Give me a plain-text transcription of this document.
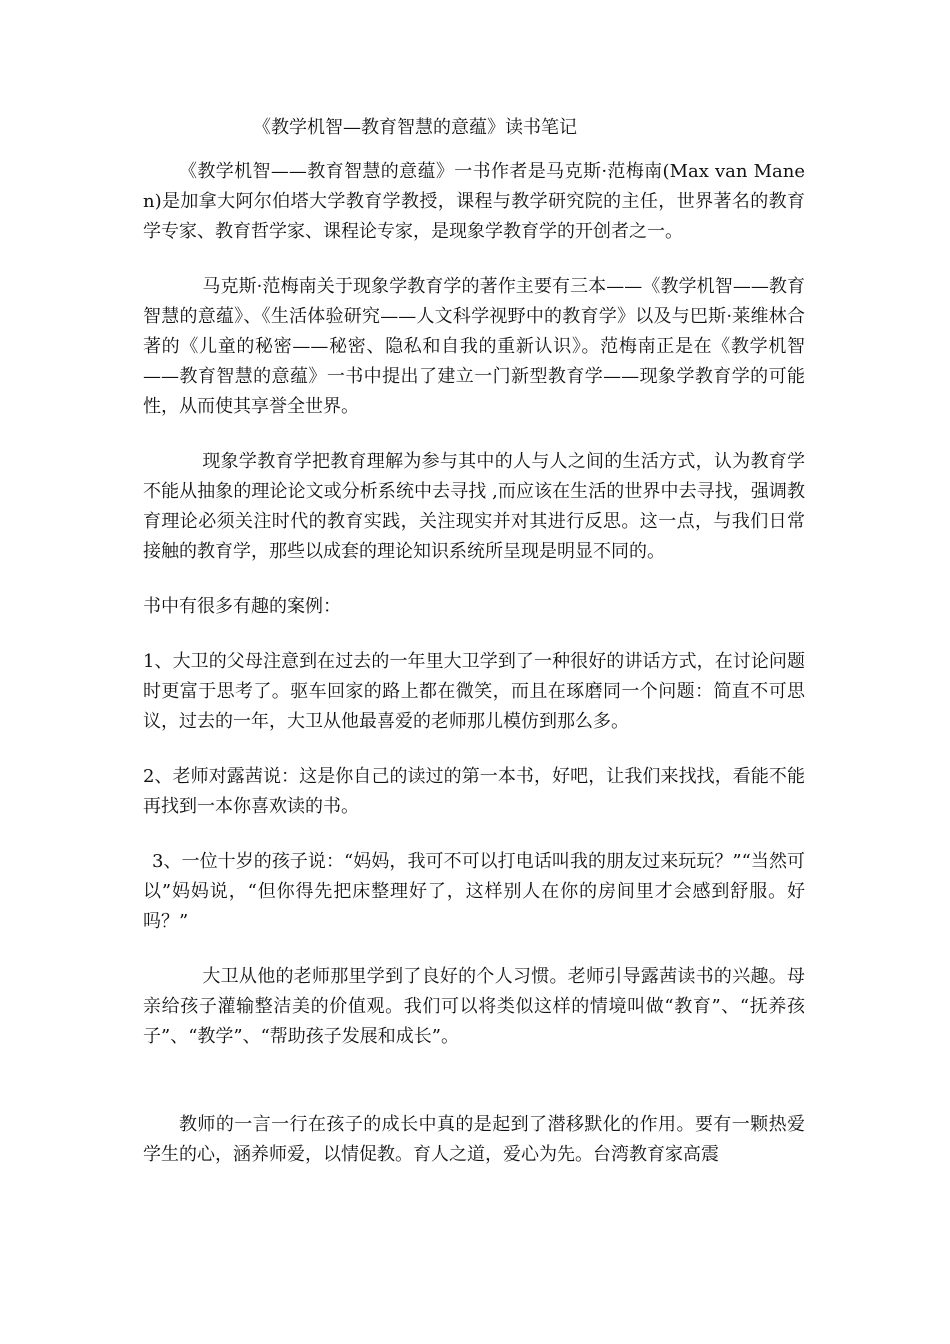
《教学机智—教育智慧的意蕴》读书笔记

《教学机智——教育智慧的意蕴》一书作者是马克斯·范梅南(Max van Manen)是加拿大阿尔伯塔大学教育学教授，课程与教学研究院的主任，世界著名的教育学专家、教育哲学家、课程论专家，是现象学教育学的开创者之一。

马克斯·范梅南关于现象学教育学的著作主要有三本——《教学机智——教育智慧的意蕴》、《生活体验研究——人文科学视野中的教育学》以及与巴斯·莱维林合著的《儿童的秘密——秘密、隐私和自我的重新认识》。范梅南正是在《教学机智——教育智慧的意蕴》一书中提出了建立一门新型教育学——现象学教育学的可能性，从而使其享誉全世界。

现象学教育学把教育理解为参与其中的人与人之间的生活方式，认为教育学不能从抽象的理论论文或分析系统中去寻找 ,而应该在生活的世界中去寻找，强调教育理论必须关注时代的教育实践，关注现实并对其进行反思。这一点，与我们日常接触的教育学，那些以成套的理论知识系统所呈现是明显不同的。

书中有很多有趣的案例：

1、大卫的父母注意到在过去的一年里大卫学到了一种很好的讲话方式，在讨论问题时更富于思考了。驱车回家的路上都在微笑，而且在琢磨同一个问题：简直不可思议，过去的一年，大卫从他最喜爱的老师那儿模仿到那么多。

2、老师对露茜说：这是你自己的读过的第一本书，好吧，让我们来找找，看能不能再找到一本你喜欢读的书。

3、一位十岁的孩子说：“妈妈，我可不可以打电话叫我的朋友过来玩玩？”“当然可以”妈妈说，“但你得先把床整理好了，这样别人在你的房间里才会感到舒服。好吗？”

大卫从他的老师那里学到了良好的个人习惯。老师引导露茜读书的兴趣。母亲给孩子灌输整洁美的价值观。我们可以将类似这样的情境叫做“教育”、“抚养孩子”、“教学”、“帮助孩子发展和成长”。

教师的一言一行在孩子的成长中真的是起到了潜移默化的作用。要有一颗热爱学生的心，涵养师爱，以情促教。育人之道，爱心为先。台湾教育家高震
